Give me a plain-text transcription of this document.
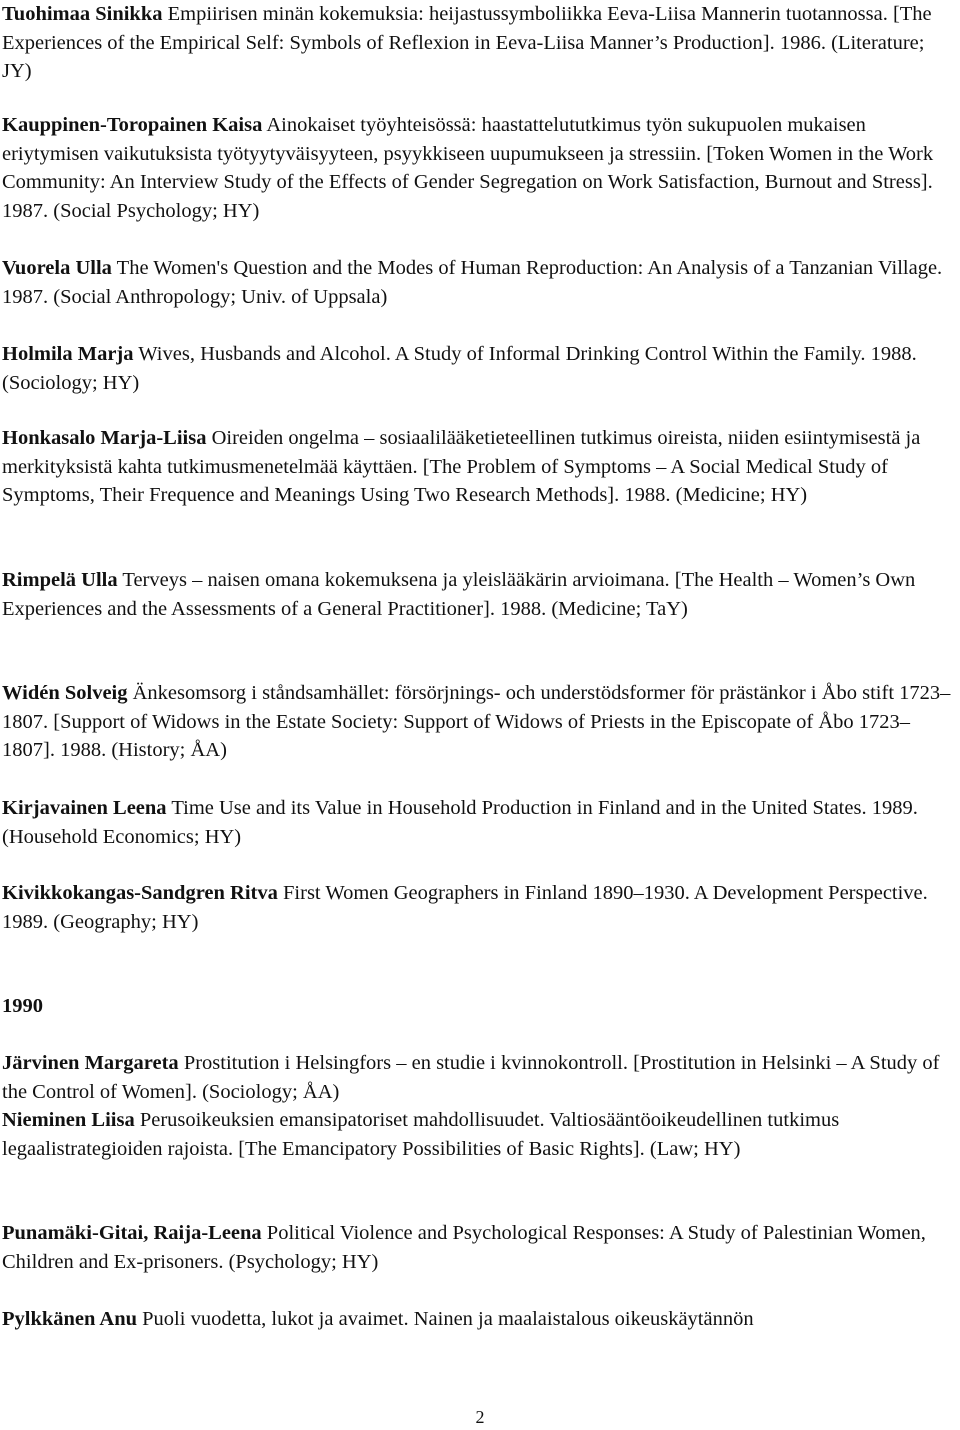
Tuohimaa Sinikka Empiirisen minän kokemuksia: heijastussymboliikka Eeva-Liisa Mannerin tuotannossa. [The Experiences of the Empirical Self: Symbols of Reflexion in Eeva-Liisa Manner’s Production]. 1986. (Literature; JY)

Kauppinen-Toropainen Kaisa Ainokaiset työyhteisössä: haastattelututkimus työn sukupuolen mukaisen eriytymisen vaikutuksista työtyytyväisyyteen, psyykkiseen uupumukseen ja stressiin. [Token Women in the Work Community: An Interview Study of the Effects of Gender Segregation on Work Satisfaction, Burnout and Stress]. 1987. (Social Psychology; HY)

Vuorela Ulla The Women's Question and the Modes of Human Reproduction: An Analysis of a Tanzanian Village. 1987. (Social Anthropology; Univ. of Uppsala)

Holmila Marja Wives, Husbands and Alcohol. A Study of Informal Drinking Control Within the Family. 1988. (Sociology; HY)

Honkasalo Marja-Liisa Oireiden ongelma – sosiaalilääketieteellinen tutkimus oireista, niiden esiintymisestä ja merkityksistä kahta tutkimusmenetelmää käyttäen. [The Problem of Symptoms – A Social Medical Study of Symptoms, Their Frequence and Meanings Using Two Research Methods]. 1988. (Medicine; HY)

Rimpelä Ulla Terveys – naisen omana kokemuksena ja yleislääkärin arvioimana. [The Health – Women’s Own Experiences and the Assessments of a General Practitioner]. 1988. (Medicine; TaY)

Widén Solveig Änkesomsorg i ståndsamhället: försörjnings- och understödsformer för prästänkor i Åbo stift 1723–1807. [Support of Widows in the Estate Society: Support of Widows of Priests in the Episcopate of Åbo 1723–1807]. 1988. (History; ÅA)

Kirjavainen Leena Time Use and its Value in Household Production in Finland and in the United States. 1989. (Household Economics; HY)

Kivikkokangas-Sandgren Ritva First Women Geographers in Finland 1890–1930. A Development Perspective. 1989. (Geography; HY)

1990

Järvinen Margareta Prostitution i Helsingfors – en studie i kvinnokontroll. [Prostitution in Helsinki – A Study of the Control of Women]. (Sociology; ÅA)

Nieminen Liisa Perusoikeuksien emansipatoriset mahdollisuudet. Valtiosääntöoikeudellinen tutkimus legaalistrategioiden rajoista. [The Emancipatory Possibilities of Basic Rights]. (Law; HY)

Punamäki-Gitai, Raija-Leena Political Violence and Psychological Responses: A Study of Palestinian Women, Children and Ex-prisoners. (Psychology; HY)

Pylkkänen Anu Puoli vuodetta, lukot ja avaimet. Nainen ja maalaistalous oikeuskäytännön

2
